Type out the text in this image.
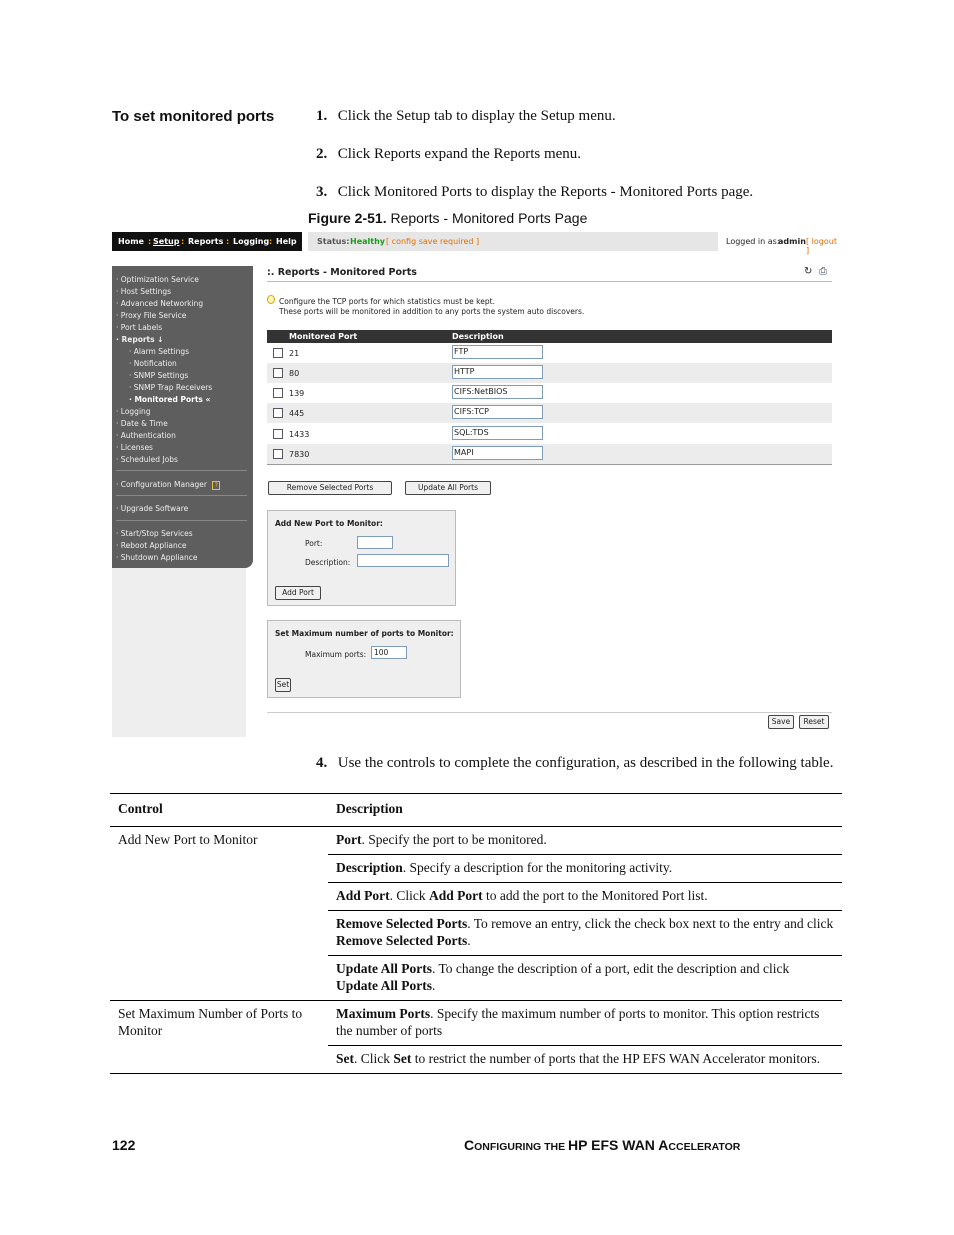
To set monitored ports	1. Click the Setup tab to display the Setup menu.
2. Click Reports expand the Reports menu.
3. Click Monitored Ports to display the Reports - Monitored Ports page.
Figure 2-51. Reports - Monitored Ports Page
Home : Setup : Reports : Logging : Help	Status: Healthy [ config save required ]	Logged in as:
admin [ logout ]
· Optimization Service
· Host Settings
· Advanced Networking
· Proxy File Service
· Port Labels
· Reports ↓
· Alarm Settings
· Notification
· SNMP Settings
· SNMP Trap Receivers
· Monitored Ports «
· Logging
· Date & Time
· Authentication
· Licenses
· Scheduled Jobs
· Configuration Manager ?
· Upgrade Software
· Start/Stop Services
· Reboot Appliance
· Shutdown Appliance
:. Reports - Monitored Ports	↻ ⎙
Configure the TCP ports for which statistics must be kept.
These ports will be monitored in addition to any ports the system auto discovers.
Monitored Port	Description
21	FTP
80	HTTP
139	CIFS:NetBIOS
445	CIFS:TCP
1433	SQL:TDS
7830	MAPI
Remove Selected Ports	Update All Ports
Add New Port to Monitor:
Port:
Description:
Add Port
Set Maximum number of ports to Monitor:
Maximum ports:	100
Set
Save	Reset
4. Use the controls to complete the configuration, as described in the following table.
Control	Description
Add New Port to Monitor	Port. Specify the port to be monitored.
	Description. Specify a description for the monitoring activity.
	Add Port. Click Add Port to add the port to the Monitored Port list.
	Remove Selected Ports. To remove an entry, click the check box next to the entry and click Remove Selected Ports.
	Update All Ports. To change the description of a port, edit the description and click Update All Ports.
Set Maximum Number of Ports to Monitor	Maximum Ports. Specify the maximum number of ports to monitor. This option restricts the number of ports
	Set. Click Set to restrict the number of ports that the HP EFS WAN Accelerator monitors.
122	CONFIGURING THE HP EFS WAN ACCELERATOR
